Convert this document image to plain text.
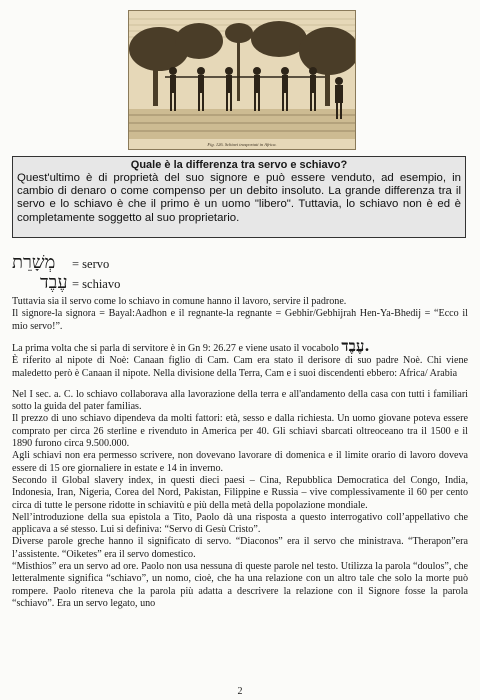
Fig. 126. Schiavi trasportati in Africa.
Quale è la differenza tra servo e schiavo?
Quest'ultimo è di proprietà del suo signore e può essere venduto, ad esempio, in cambio di denaro o come compenso per un debito insoluto. La grande differenza tra il servo e lo schiavo è che il primo è un uomo "libero". Tuttavia, lo schiavo non è ed è completamente soggetto al suo proprietario.
מְשָׁרֵת = servo
עֶבֶד = schiavo

Tuttavia sia il servo come lo schiavo in comune hanno il lavoro, servire il padrone.

Il signore-la signora = Bayal:Aadhon e il regnante-la regnante = Gebhir/Gebhijrah Hen-Ya-Bhedij = “Ecco il mio servo!”.

La prima volta che si parla di servitore è in Gn 9: 26.27 e viene usato il vocabolo עֶבֶד.

È riferito al nipote di Noè: Canaan figlio di Cam. Cam era stato il derisore di suo padre Noè. Chi viene maledetto però è Canaan il nipote. Nella divisione della Terra, Cam e i suoi discendenti ebbero: Africa/ Arabia

Nel I sec. a. C. lo schiavo collaborava alla lavorazione della terra e all'andamento della casa con tutti i familiari sotto la guida del pater familias.

Il prezzo di uno schiavo dipendeva da molti fattori: età, sesso e dalla richiesta. Un uomo giovane poteva essere comprato per circa 26 sterline e rivenduto in America per 40. Gli schiavi sbarcati oltreoceano tra il 1500 e il 1890 furono circa 9.500.000.

Agli schiavi non era permesso scrivere, non dovevano lavorare di domenica e il limite orario di lavoro doveva essere di 15 ore giornaliere in estate e 14 in inverno.

Secondo il Global slavery index, in questi dieci paesi – Cina, Repubblica Democratica del Congo, India, Indonesia, Iran, Nigeria, Corea del Nord, Pakistan, Filippine e Russia – vive complessivamente il 60 per cento circa di tutte le persone ridotte in schiavitù e più della metà della popolazione mondiale.

Nell’introduzione della sua epistola a Tito, Paolo dà una risposta a questo interrogativo coll’appellativo che applicava a sé stesso. Lui si definiva: “Servo di Gesù Cristo”.

Diverse parole greche hanno il significato di servo. “Diaconos” era il servo che ministrava. “Therapon”era l’assistente. “Oiketes” era il servo domestico.

“Misthios” era un servo ad ore. Paolo non usa nessuna di queste parole nel testo. Utilizza la parola “doulos”, che letteralmente significa “schiavo”, un nomo, cioè, che ha una relazione con un altro tale che solo la morte può rompere. Paolo riteneva che la parola più adatta a descrivere la relazione con il Signore fosse la parola “schiavo”. Era un servo legato, uno

2
